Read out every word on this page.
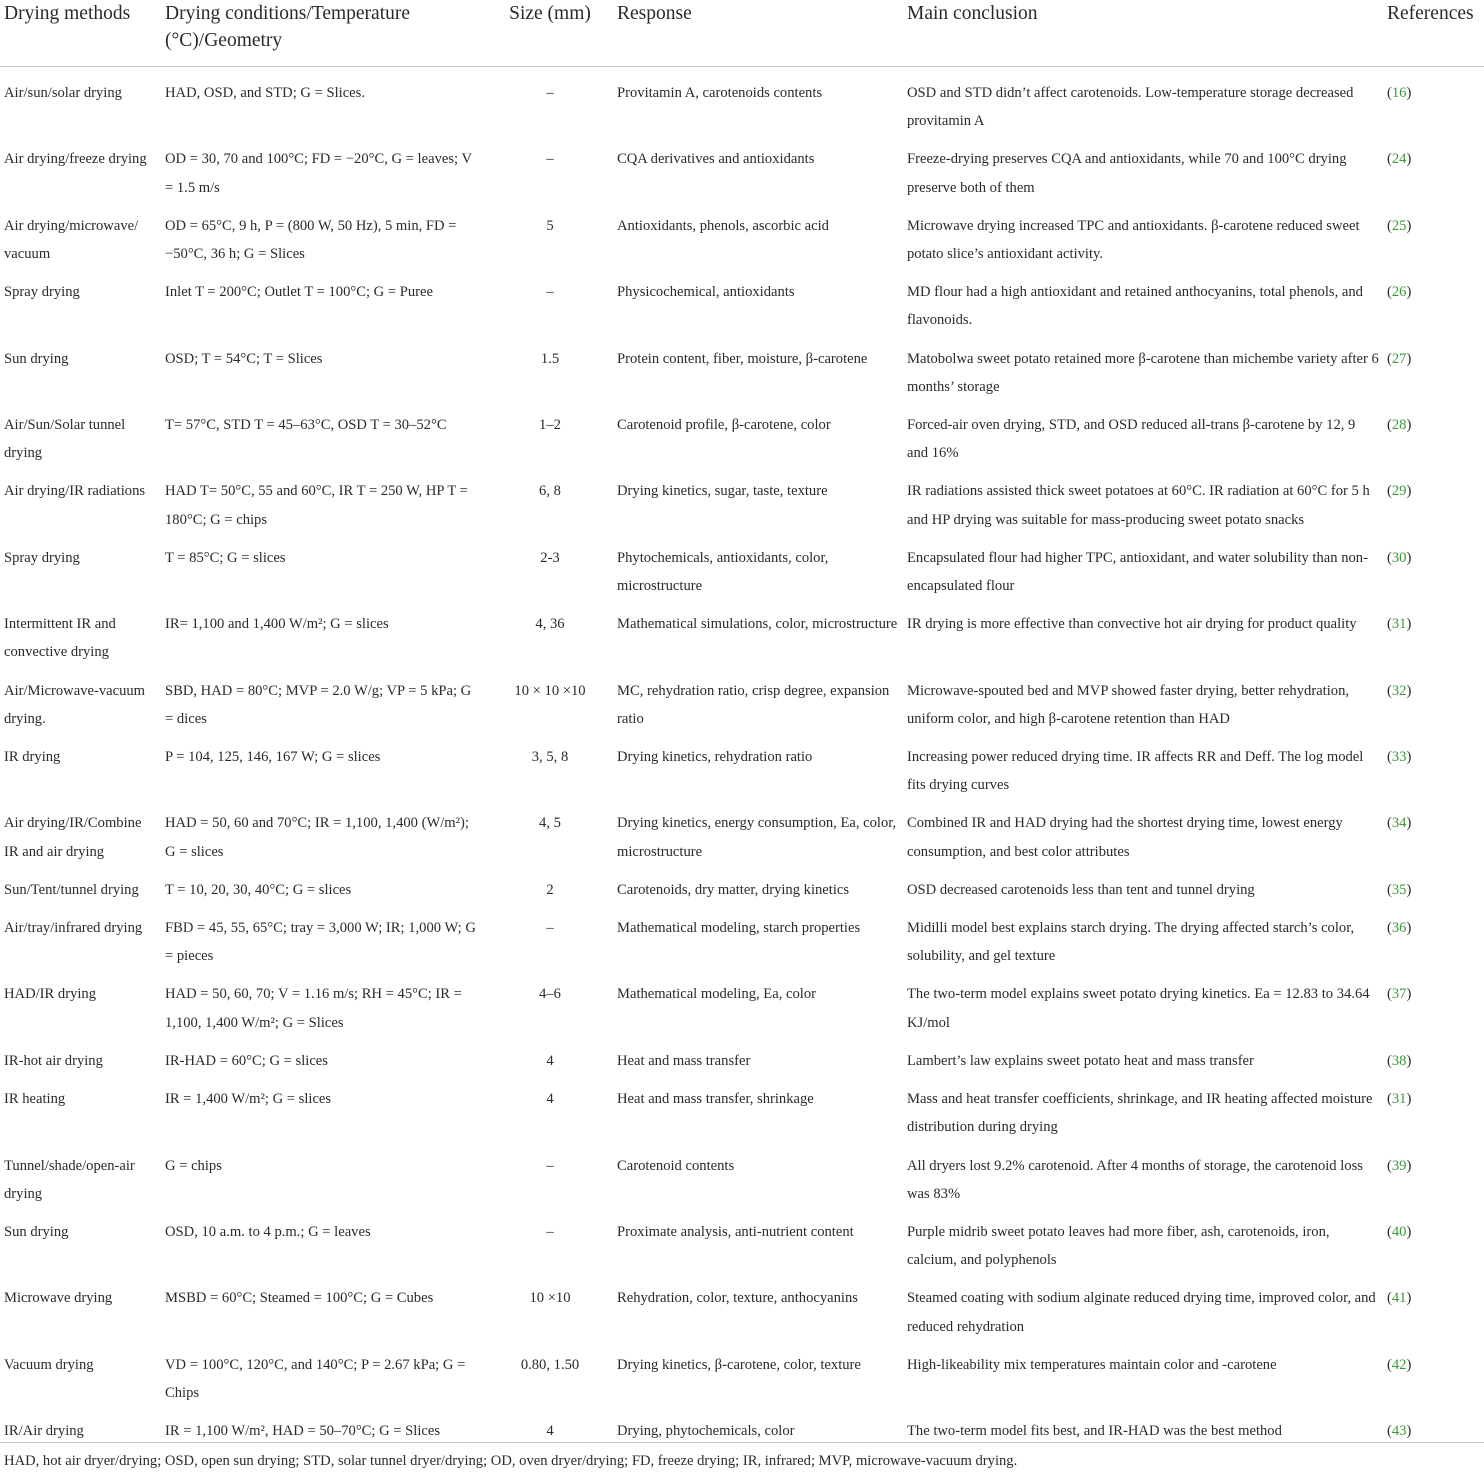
Drying methods	Drying conditions/Temperature (°C)/Geometry	Size (mm)	Response	Main conclusion	References
Air/sun/solar drying	HAD, OSD, and STD; G = Slices.	–	Provitamin A, carotenoids contents	OSD and STD didn’t affect carotenoids. Low-temperature storage decreased provitamin A	(16)
Air drying/freeze drying	OD = 30, 70 and 100°C; FD = −20°C, G = leaves; V = 1.5 m/s	–	CQA derivatives and antioxidants	Freeze-drying preserves CQA and antioxidants, while 70 and 100°C drying preserve both of them	(24)
Air drying/microwave/ vacuum	OD = 65°C, 9 h, P = (800 W, 50 Hz), 5 min, FD = −50°C, 36 h; G = Slices	5	Antioxidants, phenols, ascorbic acid	Microwave drying increased TPC and antioxidants. β-carotene reduced sweet potato slice’s antioxidant activity.	(25)
Spray drying	Inlet T = 200°C; Outlet T = 100°C; G = Puree	–	Physicochemical, antioxidants	MD flour had a high antioxidant and retained anthocyanins, total phenols, and flavonoids.	(26)
Sun drying	OSD; T = 54°C; T = Slices	1.5	Protein content, fiber, moisture, β-carotene	Matobolwa sweet potato retained more β-carotene than michembe variety after 6 months’ storage	(27)
Air/Sun/Solar tunnel drying	T= 57°C, STD T = 45–63°C, OSD T = 30–52°C	1–2	Carotenoid profile, β-carotene, color	Forced-air oven drying, STD, and OSD reduced all-trans β-carotene by 12, 9 and 16%	(28)
Air drying/IR radiations	HAD T= 50°C, 55 and 60°C, IR T = 250 W, HP T = 180°C; G = chips	6, 8	Drying kinetics, sugar, taste, texture	IR radiations assisted thick sweet potatoes at 60°C. IR radiation at 60°C for 5 h and HP drying was suitable for mass-producing sweet potato snacks	(29)
Spray drying	T = 85°C; G = slices	2-3	Phytochemicals, antioxidants, color, microstructure	Encapsulated flour had higher TPC, antioxidant, and water solubility than non-encapsulated flour	(30)
Intermittent IR and convective drying	IR= 1,100 and 1,400 W/m²; G = slices	4, 36	Mathematical simulations, color, microstructure	IR drying is more effective than convective hot air drying for product quality	(31)
Air/Microwave-vacuum drying.	SBD, HAD = 80°C; MVP = 2.0 W/g; VP = 5 kPa; G = dices	10 × 10 ×10	MC, rehydration ratio, crisp degree, expansion ratio	Microwave-spouted bed and MVP showed faster drying, better rehydration, uniform color, and high β-carotene retention than HAD	(32)
IR drying	P = 104, 125, 146, 167 W; G = slices	3, 5, 8	Drying kinetics, rehydration ratio	Increasing power reduced drying time. IR affects RR and Deff. The log model fits drying curves	(33)
Air drying/IR/Combine IR and air drying	HAD = 50, 60 and 70°C; IR = 1,100, 1,400 (W/m²); G = slices	4, 5	Drying kinetics, energy consumption, Ea, color, microstructure	Combined IR and HAD drying had the shortest drying time, lowest energy consumption, and best color attributes	(34)
Sun/Tent/tunnel drying	T = 10, 20, 30, 40°C; G = slices	2	Carotenoids, dry matter, drying kinetics	OSD decreased carotenoids less than tent and tunnel drying	(35)
Air/tray/infrared drying	FBD = 45, 55, 65°C; tray = 3,000 W; IR; 1,000 W; G = pieces	–	Mathematical modeling, starch properties	Midilli model best explains starch drying. The drying affected starch’s color, solubility, and gel texture	(36)
HAD/IR drying	HAD = 50, 60, 70; V = 1.16 m/s; RH = 45°C; IR = 1,100, 1,400 W/m²; G = Slices	4–6	Mathematical modeling, Ea, color	The two-term model explains sweet potato drying kinetics. Ea = 12.83 to 34.64 KJ/mol	(37)
IR-hot air drying	IR-HAD = 60°C; G = slices	4	Heat and mass transfer	Lambert’s law explains sweet potato heat and mass transfer	(38)
IR heating	IR = 1,400 W/m²; G = slices	4	Heat and mass transfer, shrinkage	Mass and heat transfer coefficients, shrinkage, and IR heating affected moisture distribution during drying	(31)
Tunnel/shade/open-air drying	G = chips	–	Carotenoid contents	All dryers lost 9.2% carotenoid. After 4 months of storage, the carotenoid loss was 83%	(39)
Sun drying	OSD, 10 a.m. to 4 p.m.; G = leaves	–	Proximate analysis, anti-nutrient content	Purple midrib sweet potato leaves had more fiber, ash, carotenoids, iron, calcium, and polyphenols	(40)
Microwave drying	MSBD = 60°C; Steamed = 100°C; G = Cubes	10 ×10	Rehydration, color, texture, anthocyanins	Steamed coating with sodium alginate reduced drying time, improved color, and reduced rehydration	(41)
Vacuum drying	VD = 100°C, 120°C, and 140°C; P = 2.67 kPa; G = Chips	0.80, 1.50	Drying kinetics, β-carotene, color, texture	High-likeability mix temperatures maintain color and -carotene	(42)
IR/Air drying	IR = 1,100 W/m², HAD = 50–70°C; G = Slices	4	Drying, phytochemicals, color	The two-term model fits best, and IR-HAD was the best method	(43)
HAD, hot air dryer/drying; OSD, open sun drying; STD, solar tunnel dryer/drying; OD, oven dryer/drying; FD, freeze drying; IR, infrared; MVP, microwave-vacuum drying.
